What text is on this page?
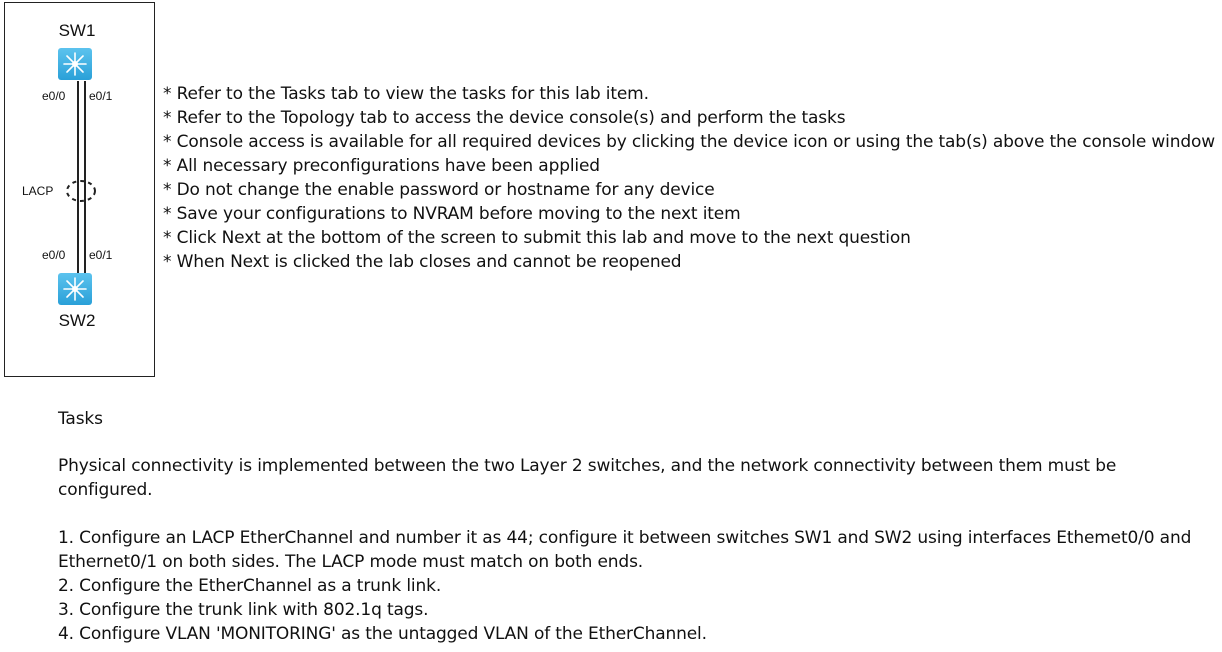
SW1
e0/0 e0/1
LACP
e0/0 e0/1
SW2
* Refer to the Tasks tab to view the tasks for this lab item.
* Refer to the Topology tab to access the device console(s) and perform the tasks
* Console access is available for all required devices by clicking the device icon or using the tab(s) above the console window
* All necessary preconfigurations have been applied
* Do not change the enable password or hostname for any device
* Save your configurations to NVRAM before moving to the next item
* Click Next at the bottom of the screen to submit this lab and move to the next question
* When Next is clicked the lab closes and cannot be reopened
Tasks
Physical connectivity is implemented between the two Layer 2 switches, and the network connectivity between them must be configured.
1. Configure an LACP EtherChannel and number it as 44; configure it between switches SW1 and SW2 using interfaces Ethemet0/0 and Ethernet0/1 on both sides. The LACP mode must match on both ends.
2. Configure the EtherChannel as a trunk link.
3. Configure the trunk link with 802.1q tags.
4. Configure VLAN 'MONITORING' as the untagged VLAN of the EtherChannel.
